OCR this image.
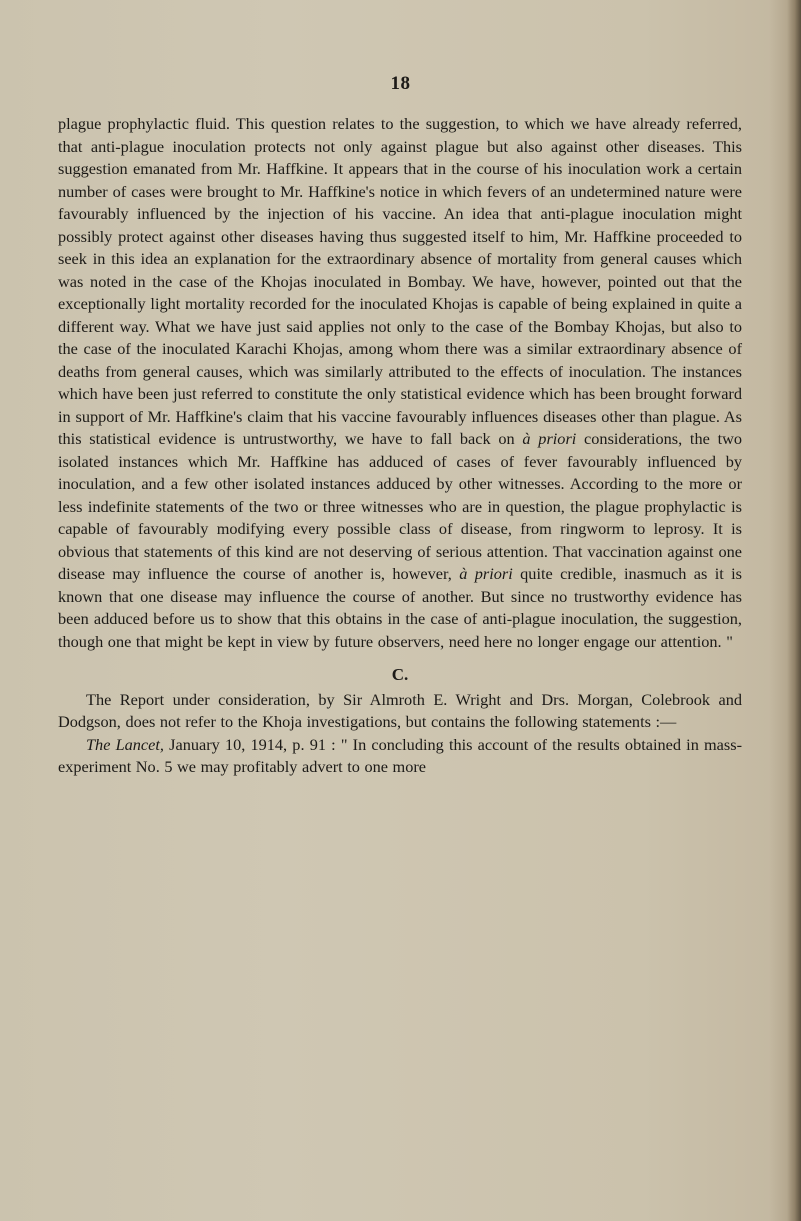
18

plague prophylactic fluid. This question relates to the suggestion, to which we have already referred, that anti-plague inoculation protects not only against plague but also against other diseases. This suggestion emanated from Mr. Haffkine. It appears that in the course of his inoculation work a certain number of cases were brought to Mr. Haffkine's notice in which fevers of an undetermined nature were favourably influenced by the injection of his vaccine. An idea that anti-plague inoculation might possibly protect against other diseases having thus suggested itself to him, Mr. Haffkine proceeded to seek in this idea an explanation for the extraordinary absence of mortality from general causes which was noted in the case of the Khojas inoculated in Bombay. We have, however, pointed out that the exceptionally light mortality recorded for the inoculated Khojas is capable of being explained in quite a different way. What we have just said applies not only to the case of the Bombay Khojas, but also to the case of the inoculated Karachi Khojas, among whom there was a similar extraordinary absence of deaths from general causes, which was similarly attributed to the effects of inoculation. The instances which have been just referred to constitute the only statistical evidence which has been brought forward in support of Mr. Haffkine's claim that his vaccine favourably influences diseases other than plague. As this statistical evidence is untrustworthy, we have to fall back on à priori considerations, the two isolated instances which Mr. Haffkine has adduced of cases of fever favourably influenced by inoculation, and a few other isolated instances adduced by other witnesses. According to the more or less indefinite statements of the two or three witnesses who are in question, the plague prophylactic is capable of favourably modifying every possible class of disease, from ringworm to leprosy. It is obvious that statements of this kind are not deserving of serious attention. That vaccination against one disease may influence the course of another is, however, à priori quite credible, inasmuch as it is known that one disease may influence the course of another. But since no trustworthy evidence has been adduced before us to show that this obtains in the case of anti-plague inoculation, the suggestion, though one that might be kept in view by future observers, need here no longer engage our attention. "

C.

The Report under consideration, by Sir Almroth E. Wright and Drs. Morgan, Colebrook and Dodgson, does not refer to the Khoja investigations, but contains the following statements :—

The Lancet, January 10, 1914, p. 91 : " In concluding this account of the results obtained in mass-experiment No. 5 we may profitably advert to one more
